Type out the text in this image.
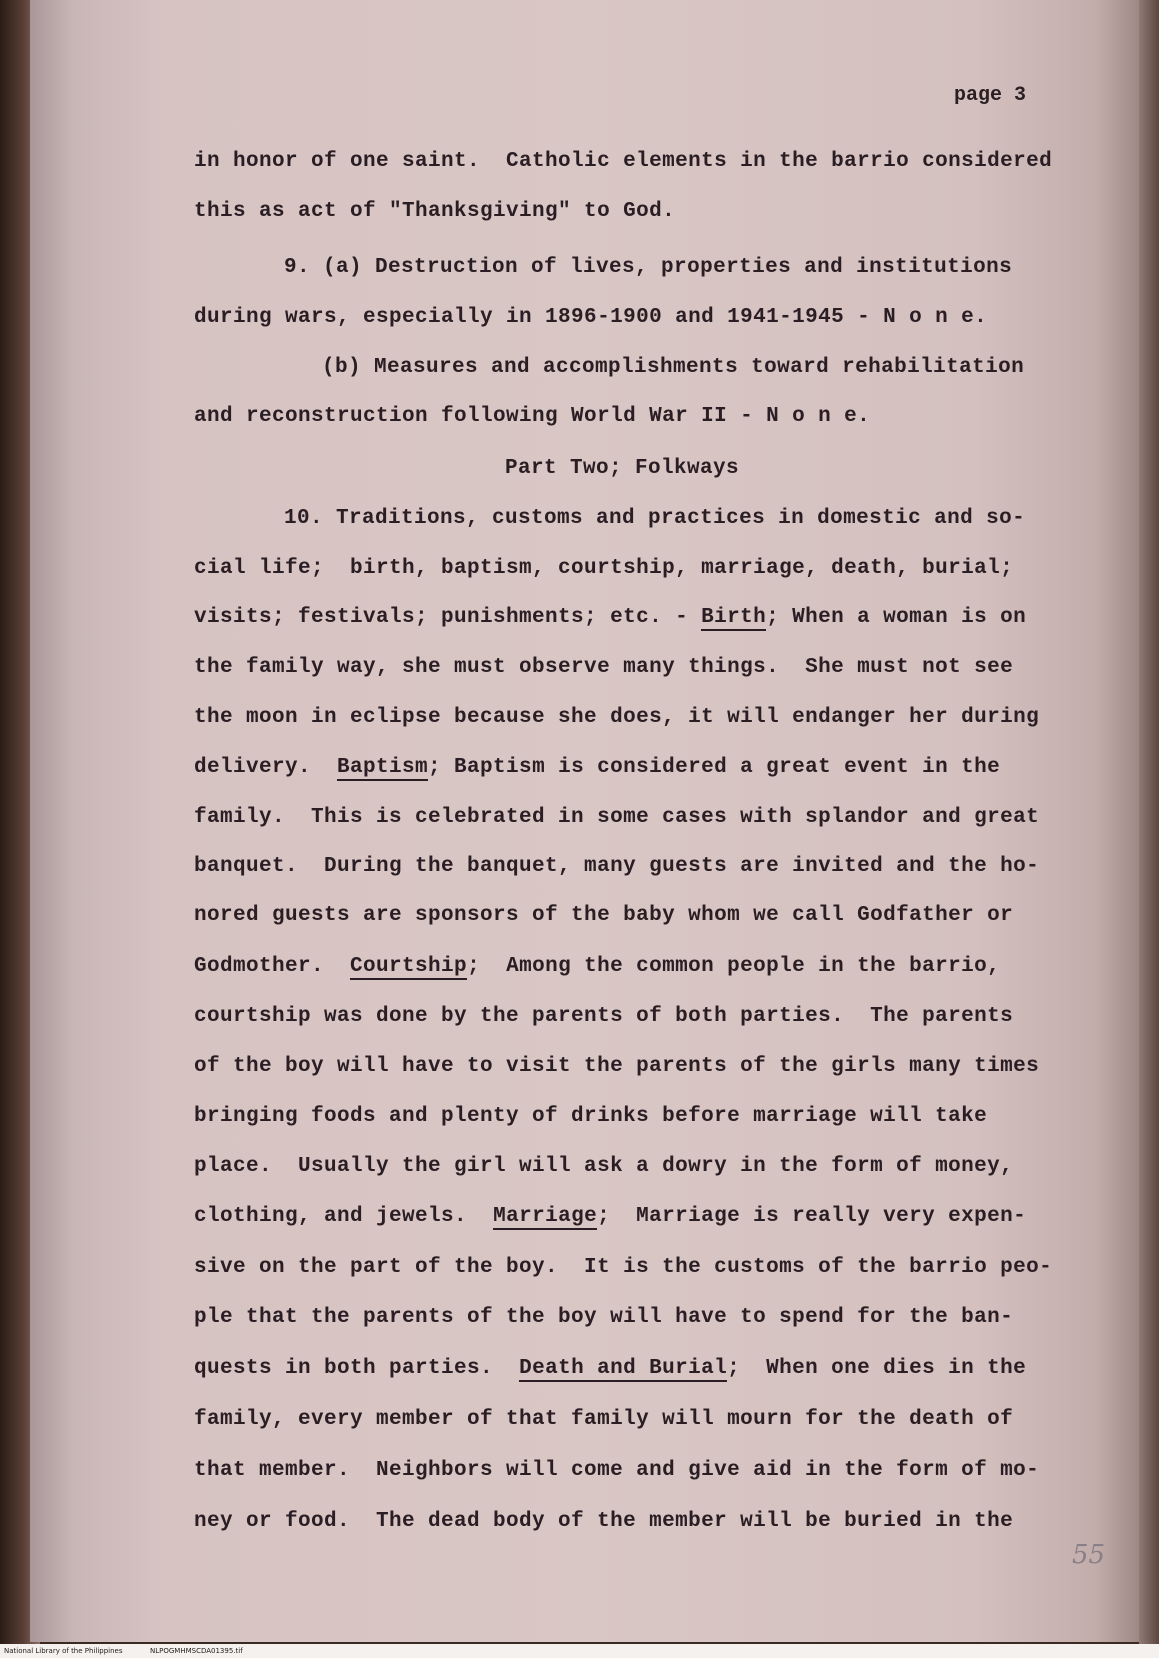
page 3
in honor of one saint.  Catholic elements in the barrio considered
this as act of "Thanksgiving" to God.
9. (a) Destruction of lives, properties and institutions
during wars, especially in 1896-1900 and 1941-1945 - N o n e.
(b) Measures and accomplishments toward rehabilitation
and reconstruction following World War II - N o n e.
Part Two; Folkways
10. Traditions, customs and practices in domestic and so-
cial life;  birth, baptism, courtship, marriage, death, burial;
visits; festivals; punishments; etc. - Birth; When a woman is on
the family way, she must observe many things.  She must not see
the moon in eclipse because she does, it will endanger her during
delivery.  Baptism; Baptism is considered a great event in the
family.  This is celebrated in some cases with splandor and great
banquet.  During the banquet, many guests are invited and the ho-
nored guests are sponsors of the baby whom we call Godfather or
Godmother.  Courtship;  Among the common people in the barrio,
courtship was done by the parents of both parties.  The parents
of the boy will have to visit the parents of the girls many times
bringing foods and plenty of drinks before marriage will take
place.  Usually the girl will ask a dowry in the form of money,
clothing, and jewels.  Marriage;  Marriage is really very expen-
sive on the part of the boy.  It is the customs of the barrio peo-
ple that the parents of the boy will have to spend for the ban-
quests in both parties.  Death and Burial;  When one dies in the
family, every member of that family will mourn for the death of
that member.  Neighbors will come and give aid in the form of mo-
ney or food.  The dead body of the member will be buried in the
55
National Library of the Philippines	NLPOGMHMSCDA01395.tif
